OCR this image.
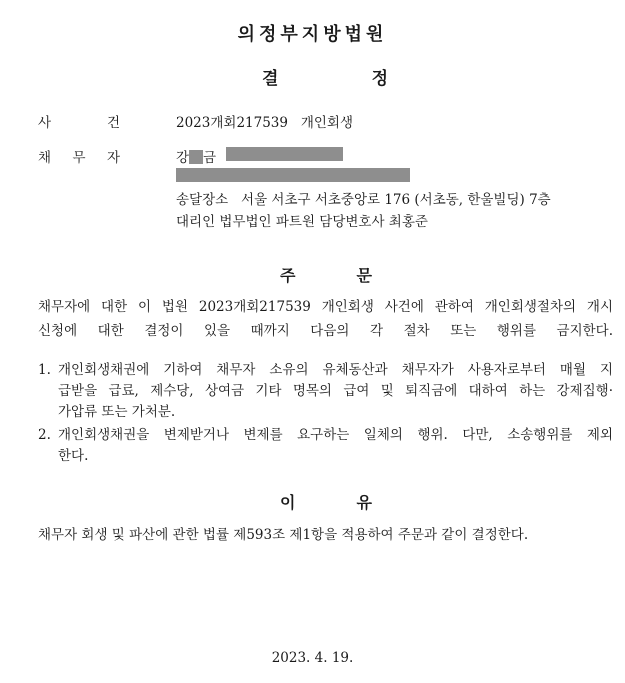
의정부지방법원
결	정
사	건	2023개회217539   개인회생
채 무 자	강 금
송달장소   서울 서초구 서초중앙로 176 (서초동, 한울빌딩) 7층
대리인 법무법인 파트원 담당변호사 최홍준
주	문
채무자에 대한 이 법원 2023개회217539 개인회생 사건에 관하여 개인회생절차의 개시
신청에 대한 결정이 있을 때까지 다음의 각 절차 또는 행위를 금지한다.
1. 개인회생채권에 기하여 채무자 소유의 유체동산과 채무자가 사용자로부터 매월 지
급받을 급료, 제수당, 상여금 기타 명목의 급여 및 퇴직금에 대하여 하는 강제집행·
가압류 또는 가처분.
2. 개인회생채권을 변제받거나 변제를 요구하는 일체의 행위. 다만, 소송행위를 제외
한다.
이	유
채무자 회생 및 파산에 관한 법률 제593조 제1항을 적용하여 주문과 같이 결정한다.
2023. 4. 19.
